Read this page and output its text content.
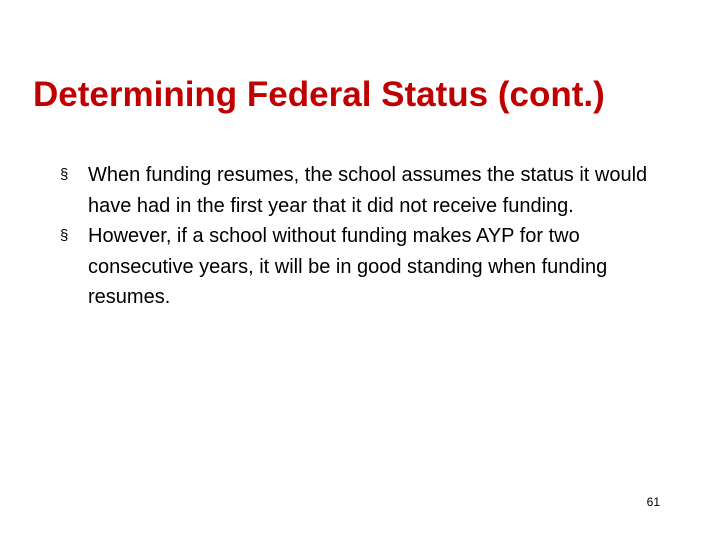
Determining Federal Status (cont.)
§ When funding resumes, the school assumes the status it would have had in the first year that it did not receive funding.
§ However, if a school without funding makes AYP for two consecutive years, it will be in good standing when funding resumes.
61
